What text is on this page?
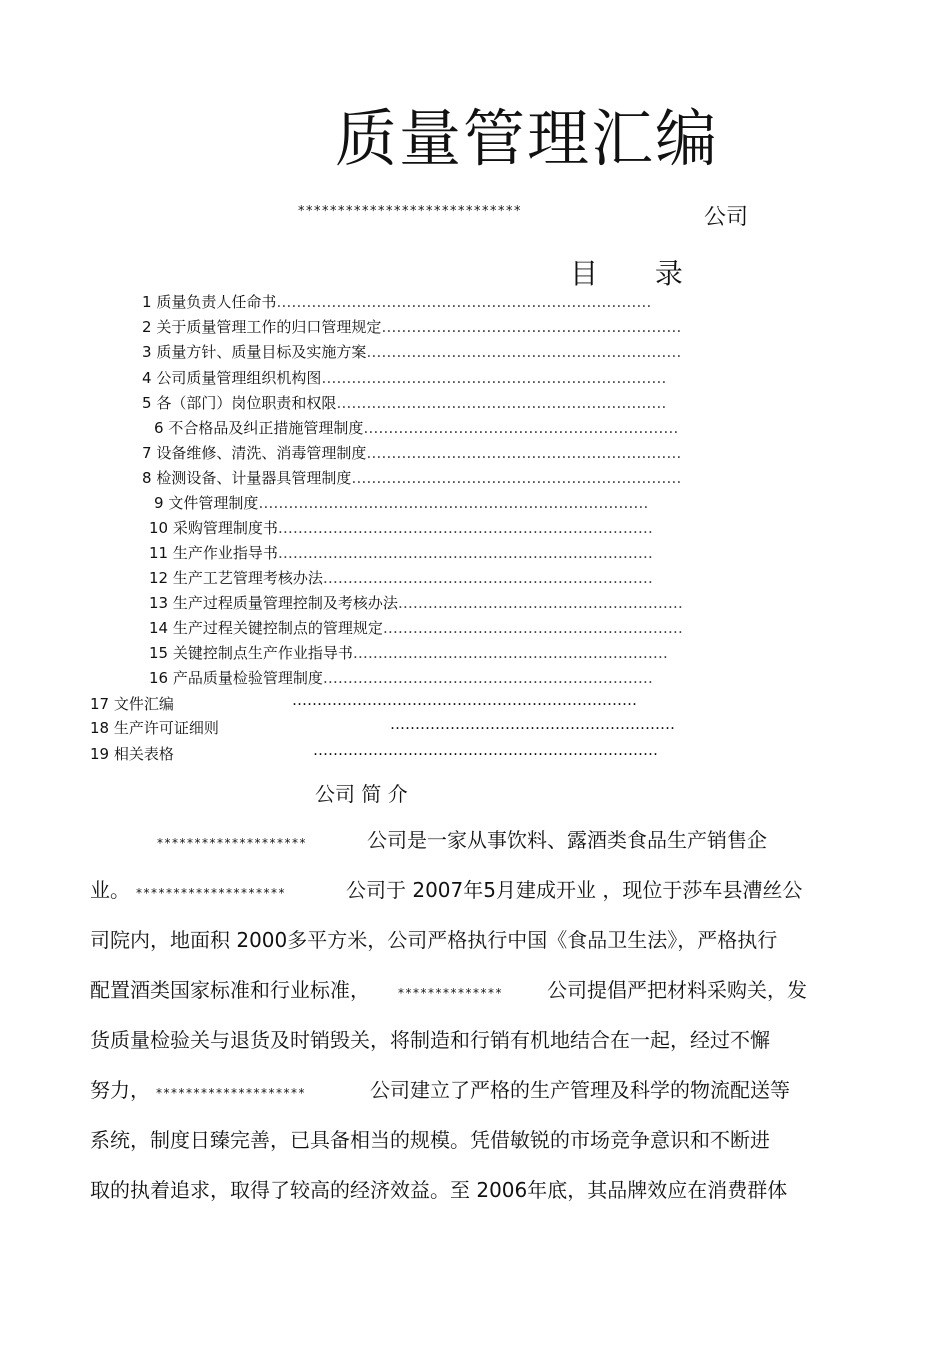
质量管理汇编
****************************	公司
目 录
1 质量负责人任命书…………………………………………………………………
2 关于质量管理工作的归口管理规定……………………………………………………
3 质量方针、质量目标及实施方案………………………………………………………
4 公司质量管理组织机构图……………………………………………………………
5 各（部门）岗位职责和权限…………………………………………………………
6 不合格品及纠正措施管理制度………………………………………………………
7 设备维修、清洗、消毒管理制度………………………………………………………
8 检测设备、计量器具管理制度…………………………………………………………
9 文件管理制度……………………………………………………………………
10 采购管理制度书…………………………………………………………………
11 生产作业指导书…………………………………………………………………
12 生产工艺管理考核办法…………………………………………………………
13 生产过程质量管理控制及考核办法…………………………………………………
14 生产过程关键控制点的管理规定……………………………………………………
15 关键控制点生产作业指导书………………………………………………………
16 产品质量检验管理制度…………………………………………………………
17 文件汇编	……………………………………………………………
18 生产许可证细则	…………………………………………………
19 相关表格	……………………………………………………………
公司 简 介
********************	公司是一家从事饮料、露酒类食品生产销售企
业。 ********************	公司于 2007年5月建成开业 ，现位于莎车县漕丝公
司院内，地面积 2000多平方米，公司严格执行中国《食品卫生法》，严格执行
配置酒类国家标准和行业标准， ************** 公司提倡严把材料采购关，发
货质量检验关与退货及时销毁关，将制造和行销有机地结合在一起，经过不懈
努力， ********************	公司建立了严格的生产管理及科学的物流配送等
系统，制度日臻完善，已具备相当的规模。凭借敏锐的市场竞争意识和不断进
取的执着追求，取得了较高的经济效益。至 2006年底，其品牌效应在消费群体
